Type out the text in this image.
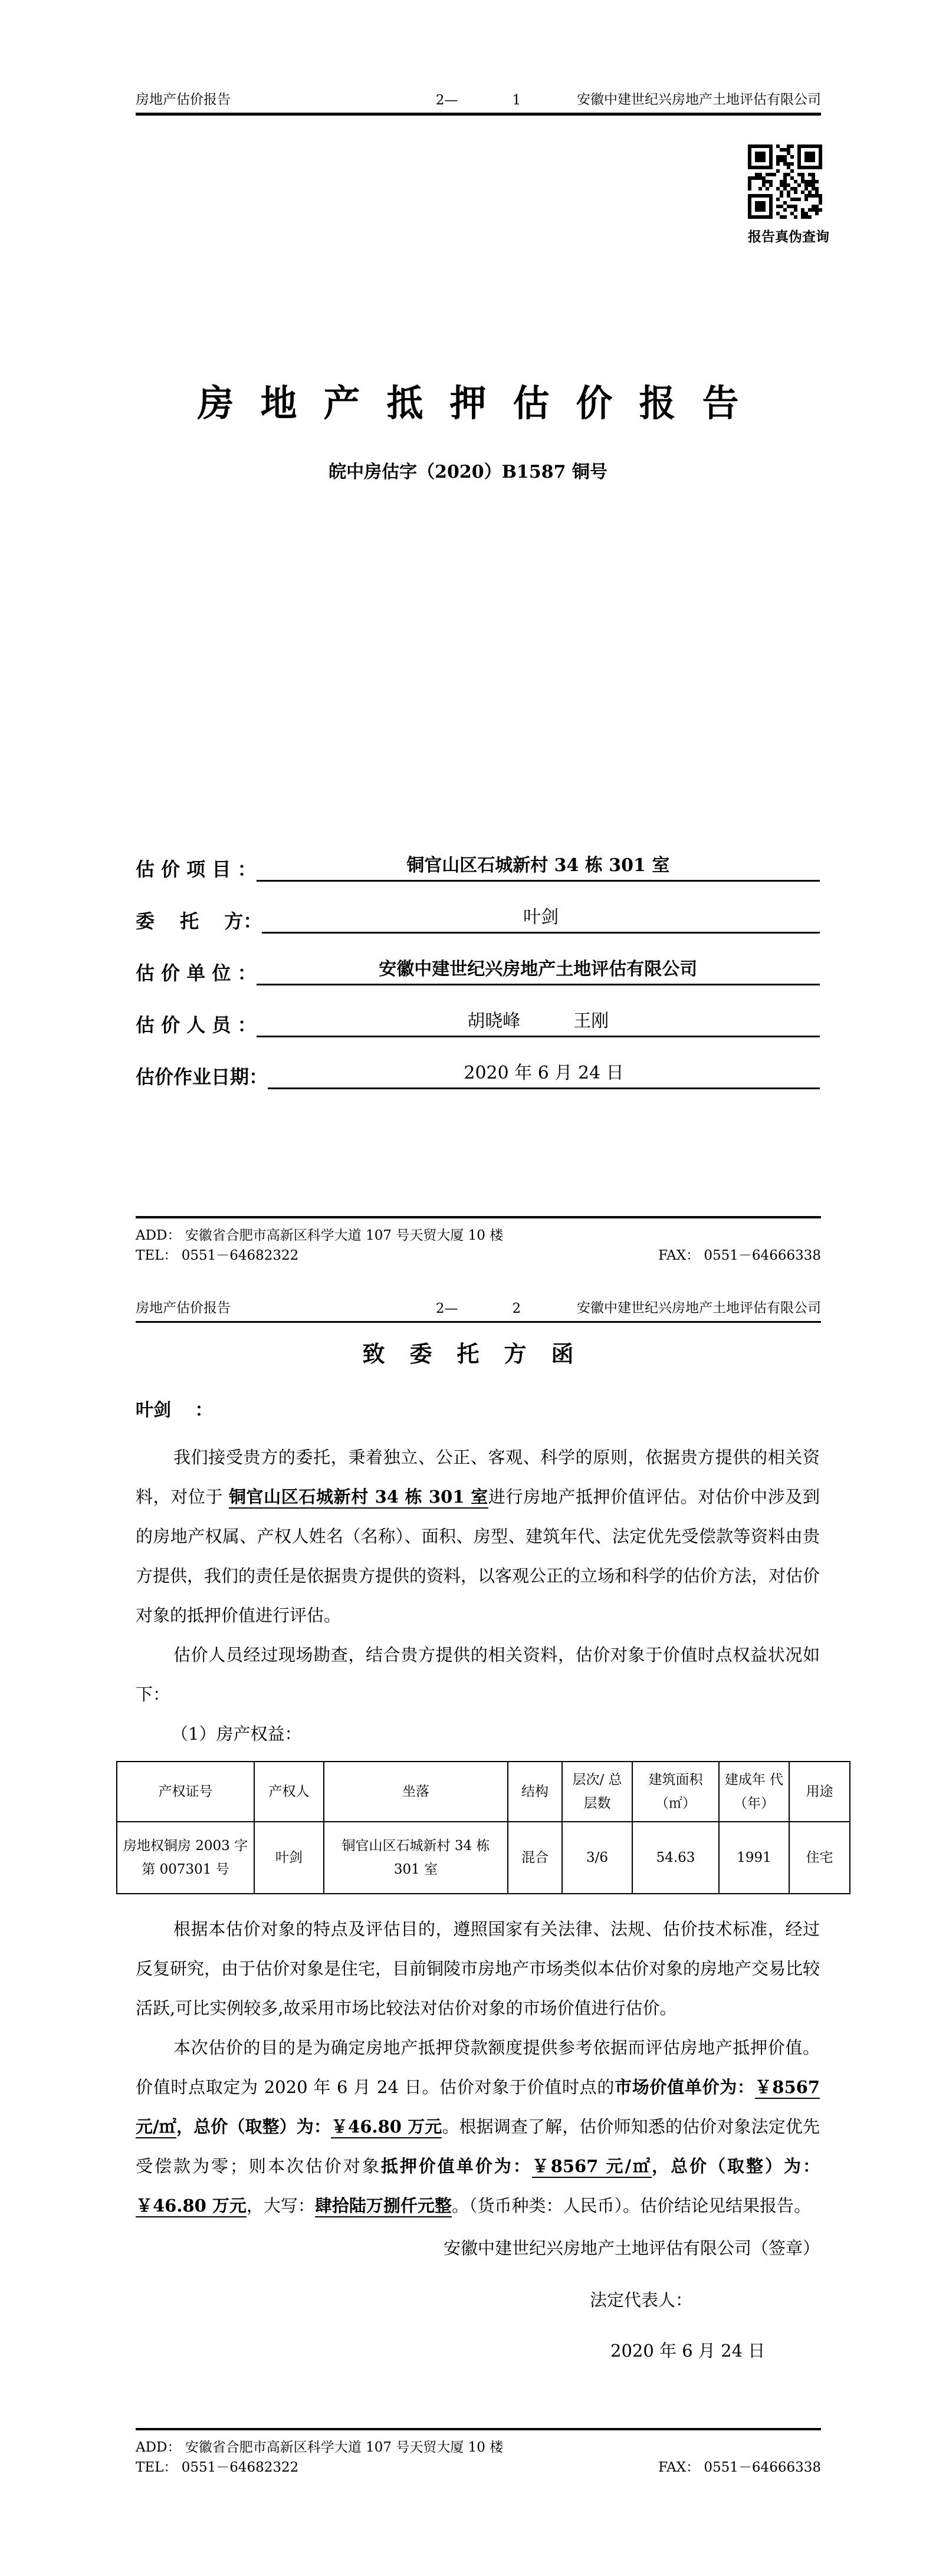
房地产估价报告	2—	1	安徽中建世纪兴房地产土地评估有限公司
报告真伪查询
房地产抵押估价报告
皖中房估字（2020）B1587 铜号
估 价 项 目 ：	铜官山区石城新村 34 栋 301 室
委　 托　 方：	叶剑
估 价 单 位 ：	安徽中建世纪兴房地产土地评估有限公司
估 价 人 员 ：	胡晓峰　　　王刚
估价作业日期：	2020 年 6 月 24 日
ADD： 安徽省合肥市高新区科学大道 107 号天贸大厦 10 楼
TEL： 0551－64682322	FAX： 0551－64666338
房地产估价报告	2—	2	安徽中建世纪兴房地产土地评估有限公司
致委托方函
叶剑　 ：

我们接受贵方的委托，秉着独立、公正、客观、科学的原则，依据贵方提供的相关资料，对位于 铜官山区石城新村 34 栋 301 室进行房地产抵押价值评估。对估价中涉及到的房地产权属、产权人姓名（名称）、面积、房型、建筑年代、法定优先受偿款等资料由贵方提供，我们的责任是依据贵方提供的资料，以客观公正的立场和科学的估价方法，对估价对象的抵押价值进行评估。

估价人员经过现场勘查，结合贵方提供的相关资料，估价对象于价值时点权益状况如下：

（1）房产权益：
产权证号	产权人	坐落	结构	层次/ 总层数	建筑面积 （㎡）	建成年 代（年）	用途
房地权铜房 2003 字 第 007301 号	叶剑	铜官山区石城新村 34 栋 301 室	混合	3/6	54.63	1991	住宅

根据本估价对象的特点及评估目的，遵照国家有关法律、法规、估价技术标准，经过反复研究，由于估价对象是住宅，目前铜陵市房地产市场类似本估价对象的房地产交易比较活跃,可比实例较多,故采用市场比较法对估价对象的市场价值进行估价。

本次估价的目的是为确定房地产抵押贷款额度提供参考依据而评估房地产抵押价值。价值时点取定为 2020 年 6 月 24 日。估价对象于价值时点的市场价值单价为：￥8567 元/㎡，总价（取整）为：￥46.80 万元。根据调查了解，估价师知悉的估价对象法定优先受偿款为零；则本次估价对象抵押价值单价为：￥8567 元/㎡，总价（取整）为：￥46.80 万元，大写：肆拾陆万捌仟元整。（货币种类：人民币）。估价结论见结果报告。

安徽中建世纪兴房地产土地评估有限公司（签章）
法定代表人：
2020 年 6 月 24 日
ADD： 安徽省合肥市高新区科学大道 107 号天贸大厦 10 楼
TEL： 0551－64682322	FAX： 0551－64666338
